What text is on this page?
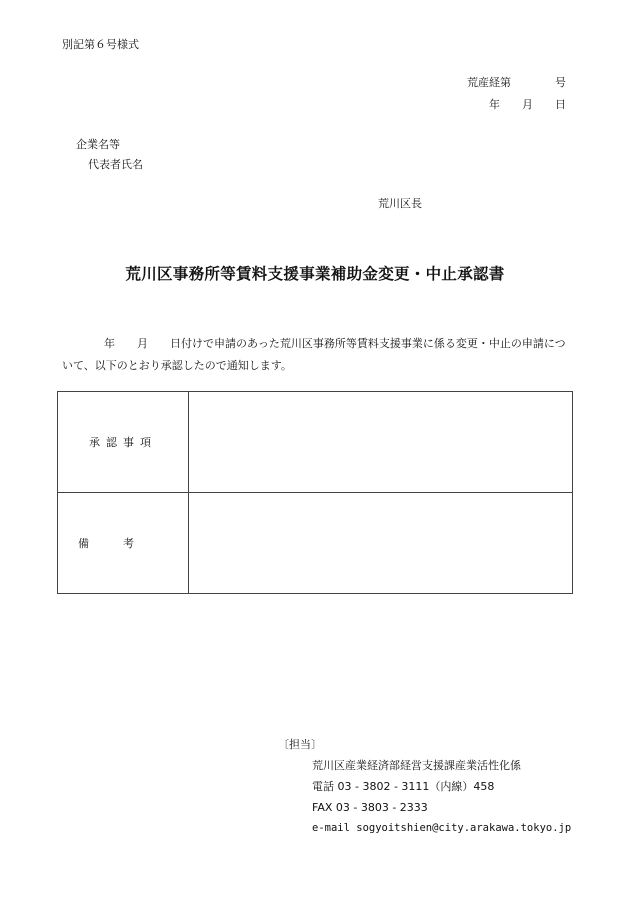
別記第６号様式
荒産経第　　　　号
年　　月　　日
企業名等
代表者氏名
荒川区長
荒川区事務所等賃料支援事業補助金変更・中止承認書
年　　月　　日付けで申請のあった荒川区事務所等賃料支援事業に係る変更・中止の申請について、以下のとおり承認したので通知します。
承認事項	
備考	
〔担当〕
荒川区産業経済部経営支援課産業活性化係
電話 03 - 3802 - 3111（内線）458
FAX 03 - 3803 - 2333
e-mail sogyoitshien@city.arakawa.tokyo.jp
